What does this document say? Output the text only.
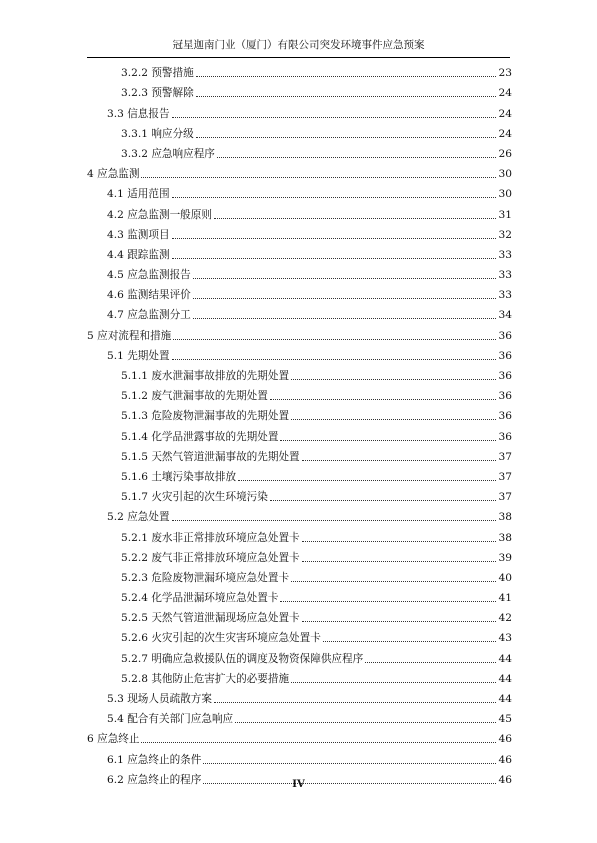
冠星迦南门业（厦门）有限公司突发环境事件应急预案
3.2.2 预警措施	23
3.2.3 预警解除	24
3.3 信息报告	24
3.3.1 响应分级	24
3.3.2 应急响应程序	26
4 应急监测	30
4.1 适用范围	30
4.2 应急监测一般原则	31
4.3 监测项目	32
4.4 跟踪监测	33
4.5 应急监测报告	33
4.6 监测结果评价	33
4.7 应急监测分工	34
5 应对流程和措施	36
5.1 先期处置	36
5.1.1 废水泄漏事故排放的先期处置	36
5.1.2 废气泄漏事故的先期处置	36
5.1.3 危险废物泄漏事故的先期处置	36
5.1.4 化学品泄露事故的先期处置	36
5.1.5 天然气管道泄漏事故的先期处置	37
5.1.6 土壤污染事故排放	37
5.1.7 火灾引起的次生环境污染	37
5.2 应急处置	38
5.2.1 废水非正常排放环境应急处置卡	38
5.2.2 废气非正常排放环境应急处置卡	39
5.2.3 危险废物泄漏环境应急处置卡	40
5.2.4 化学品泄漏环境应急处置卡	41
5.2.5 天然气管道泄漏现场应急处置卡	42
5.2.6 火灾引起的次生灾害环境应急处置卡	43
5.2.7 明确应急救援队伍的调度及物资保障供应程序	44
5.2.8 其他防止危害扩大的必要措施	44
5.3 现场人员疏散方案	44
5.4 配合有关部门应急响应	45
6 应急终止	46
6.1 应急终止的条件	46
6.2 应急终止的程序	46
IV
